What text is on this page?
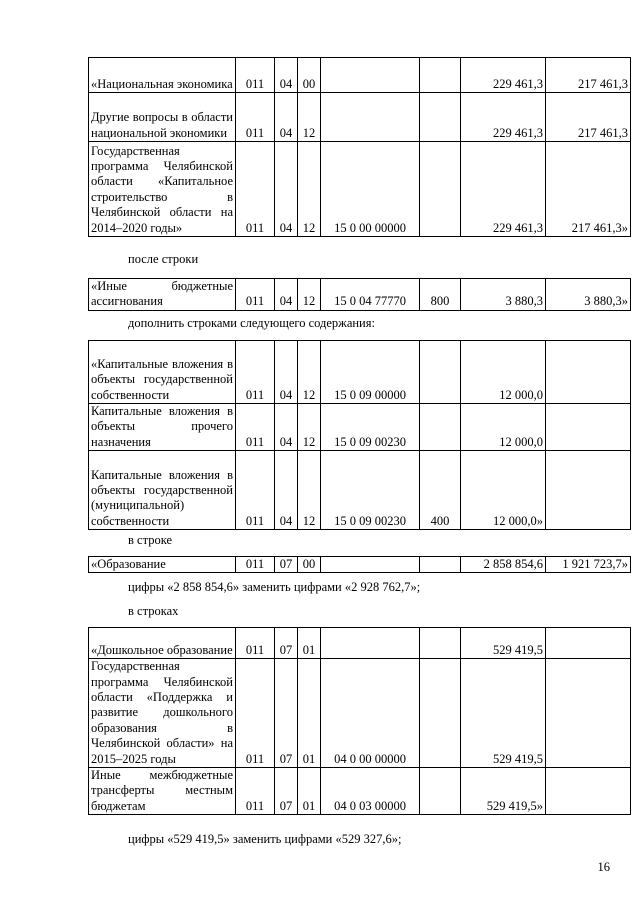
«Национальная экономика	011	04	00			229 461,3	217 461,3
Другие вопросы в области национальной экономики	011	04	12			229 461,3	217 461,3
Государственная программа Челябинской области «Капитальное строительство в Челябинской области на 2014–2020 годы»	011	04	12	15 0 00 00000		229 461,3	217 461,3»
после строки
«Иные бюджетные ассигнования	011	04	12	15 0 04 77770	800	3 880,3	3 880,3»
дополнить строками следующего содержания:
«Капитальные вложения в объекты государственной собственности	011	04	12	15 0 09 00000		12 000,0	
Капитальные вложения в объекты прочего назначения	011	04	12	15 0 09 00230		12 000,0	
Капитальные вложения в объекты государственной (муниципальной) собственности	011	04	12	15 0 09 00230	400	12 000,0»	
в строке
«Образование	011	07	00			2 858 854,6	1 921 723,7»
цифры «2 858 854,6» заменить цифрами «2 928 762,7»;
в строках
«Дошкольное образование	011	07	01			529 419,5	
Государственная программа Челябинской области «Поддержка и развитие дошкольного образования в Челябинской области» на 2015–2025 годы	011	07	01	04 0 00 00000		529 419,5	
Иные межбюджетные трансферты местным бюджетам	011	07	01	04 0 03 00000		529 419,5»	
цифры «529 419,5» заменить цифрами «529 327,6»;
16
